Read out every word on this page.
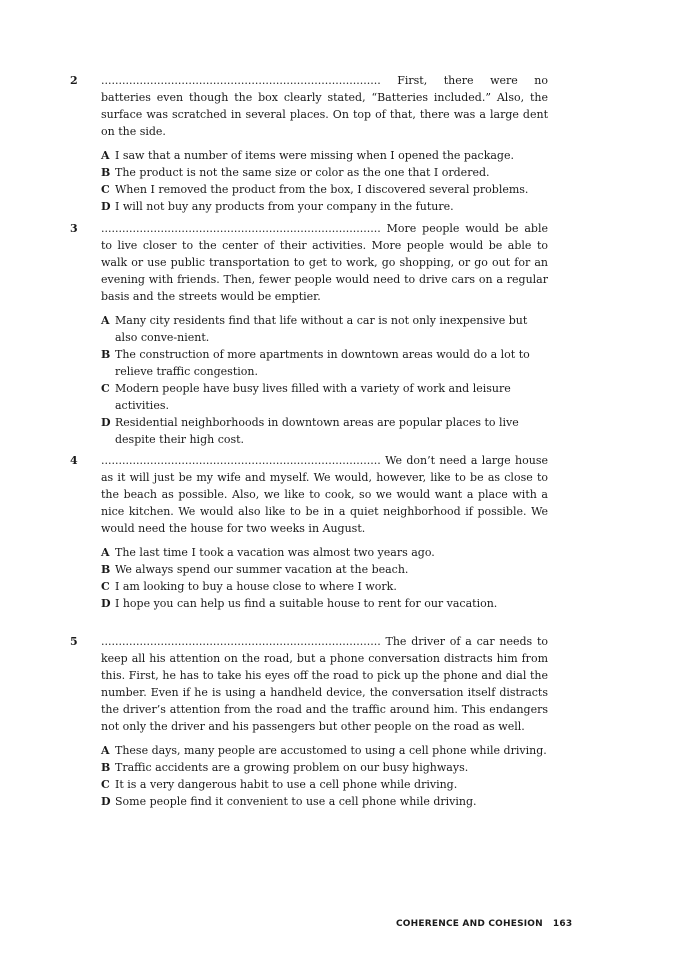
2 ................................................................................ First, there were no batteries even though the box clearly stated, “Batteries included.” Also, the surface was scratched in several places. On top of that, there was a large dent on the side.

A I saw that a number of items were missing when I opened the package.
B The product is not the same size or color as the one that I ordered.
C When I removed the product from the box, I discovered several problems.
D I will not buy any products from your company in the future.
3 ................................................................................ More people would be able to live closer to the center of their activities. More people would be able to walk or use public transportation to get to work, go shopping, or go out for an evening with friends. Then, fewer people would need to drive cars on a regular basis and the streets would be emptier.

A Many city residents find that life without a car is not only inexpensive but also conve-nient.
B The construction of more apartments in downtown areas would do a lot to relieve traffic congestion.
C Modern people have busy lives filled with a variety of work and leisure activities.
D Residential neighborhoods in downtown areas are popular places to live despite their high cost.
4 ................................................................................ We don’t need a large house as it will just be my wife and myself. We would, however, like to be as close to the beach as possible. Also, we like to cook, so we would want a place with a nice kitchen. We would also like to be in a quiet neighborhood if possible. We would need the house for two weeks in August.

A The last time I took a vacation was almost two years ago.
B We always spend our summer vacation at the beach.
C I am looking to buy a house close to where I work.
D I hope you can help us find a suitable house to rent for our vacation.
5 ................................................................................ The driver of a car needs to keep all his attention on the road, but a phone conversation distracts him from this. First, he has to take his eyes off the road to pick up the phone and dial the number. Even if he is using a handheld device, the conversation itself distracts the driver’s attention from the road and the traffic around him. This endangers not only the driver and his passengers but other people on the road as well.

A These days, many people are accustomed to using a cell phone while driving.
B Traffic accidents are a growing problem on our busy highways.
C It is a very dangerous habit to use a cell phone while driving.
D Some people find it convenient to use a cell phone while driving.
COHERENCE AND COHESION 163
